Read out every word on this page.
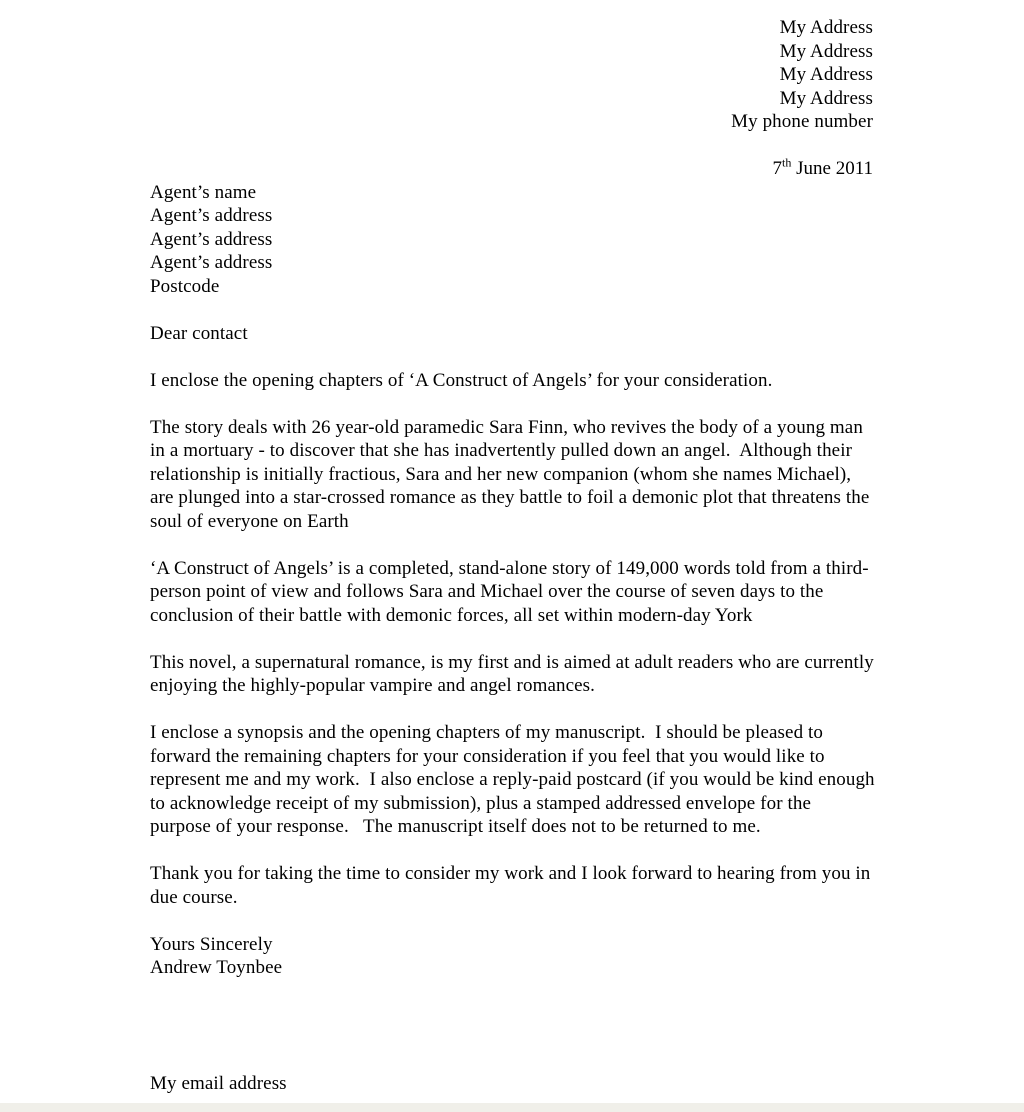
My Address
My Address
My Address
My Address
My phone number
7th June 2011
Agent’s name
Agent’s address
Agent’s address
Agent’s address
Postcode
Dear contact
I enclose the opening chapters of ‘A Construct of Angels’ for your consideration.
The story deals with 26 year-old paramedic Sara Finn, who revives the body of a young man in a mortuary - to discover that she has inadvertently pulled down an angel.  Although their relationship is initially fractious, Sara and her new companion (whom she names Michael), are plunged into a star-crossed romance as they battle to foil a demonic plot that threatens the soul of everyone on Earth
‘A Construct of Angels’ is a completed, stand-alone story of 149,000 words told from a third-person point of view and follows Sara and Michael over the course of seven days to the conclusion of their battle with demonic forces, all set within modern-day York
This novel, a supernatural romance, is my first and is aimed at adult readers who are currently enjoying the highly-popular vampire and angel romances.
I enclose a synopsis and the opening chapters of my manuscript.  I should be pleased to forward the remaining chapters for your consideration if you feel that you would like to represent me and my work.  I also enclose a reply-paid postcard (if you would be kind enough to acknowledge receipt of my submission), plus a stamped addressed envelope for the purpose of your response.   The manuscript itself does not to be returned to me.
Thank you for taking the time to consider my work and I look forward to hearing from you in due course.
Yours Sincerely
Andrew Toynbee
My email address
